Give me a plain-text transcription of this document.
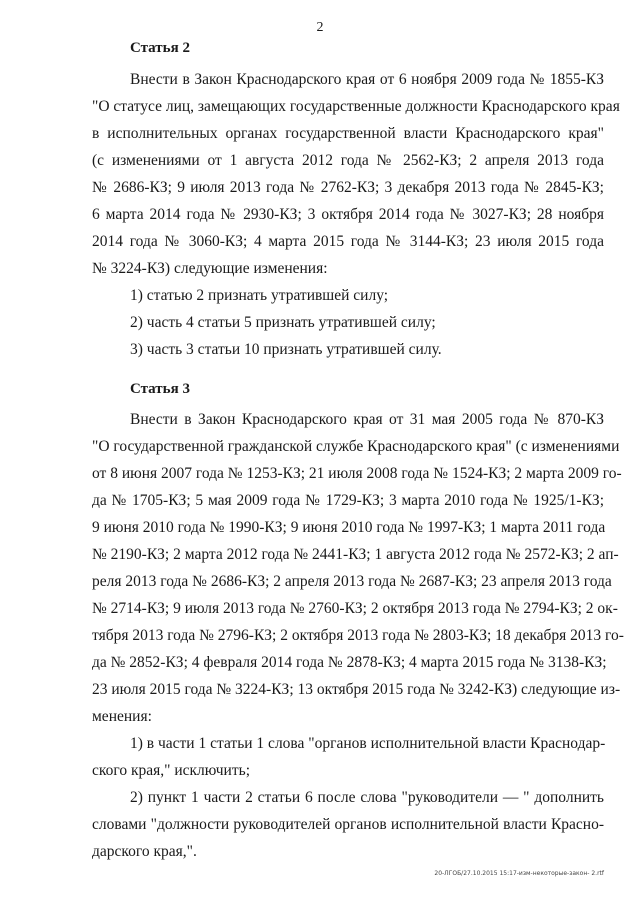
2
Статья 2
Внести в Закон Краснодарского края от 6 ноября 2009 года № 1855-КЗ
"О статусе лиц, замещающих государственные должности Краснодарского края
в исполнительных органах государственной власти Краснодарского края"
(с изменениями от 1 августа 2012 года № 2562-КЗ; 2 апреля 2013 года
№ 2686-КЗ; 9 июля 2013 года № 2762-КЗ; 3 декабря 2013 года № 2845-КЗ;
6 марта 2014 года № 2930-КЗ; 3 октября 2014 года № 3027-КЗ; 28 ноября
2014 года № 3060-КЗ; 4 марта 2015 года № 3144-КЗ; 23 июля 2015 года
№ 3224-КЗ) следующие изменения:
1) статью 2 признать утратившей силу;
2) часть 4 статьи 5 признать утратившей силу;
3) часть 3 статьи 10 признать утратившей силу.
Статья 3
Внести в Закон Краснодарского края от 31 мая 2005 года № 870-КЗ
"О государственной гражданской службе Краснодарского края" (с изменениями
от 8 июня 2007 года № 1253-КЗ; 21 июля 2008 года № 1524-КЗ; 2 марта 2009 го-
да № 1705-КЗ; 5 мая 2009 года № 1729-КЗ; 3 марта 2010 года № 1925/1-КЗ;
9 июня 2010 года № 1990-КЗ; 9 июня 2010 года № 1997-КЗ; 1 марта 2011 года
№ 2190-КЗ; 2 марта 2012 года № 2441-КЗ; 1 августа 2012 года № 2572-КЗ; 2 ап-
реля 2013 года № 2686-КЗ; 2 апреля 2013 года № 2687-КЗ; 23 апреля 2013 года
№ 2714-КЗ; 9 июля 2013 года № 2760-КЗ; 2 октября 2013 года № 2794-КЗ; 2 ок-
тября 2013 года № 2796-КЗ; 2 октября 2013 года № 2803-КЗ; 18 декабря 2013 го-
да № 2852-КЗ; 4 февраля 2014 года № 2878-КЗ; 4 марта 2015 года № 3138-КЗ;
23 июля 2015 года № 3224-КЗ; 13 октября 2015 года № 3242-КЗ) следующие из-
менения:
1) в части 1 статьи 1 слова "органов исполнительной власти Краснодар-
ского края," исключить;
2) пункт 1 части 2 статьи 6 после слова "руководители — " дополнить
словами "должности руководителей органов исполнительной власти Красно-
дарского края,".
20-ЛГОБ/27.10.2015 15:17-изм-некоторые-закон- 2.rtf
